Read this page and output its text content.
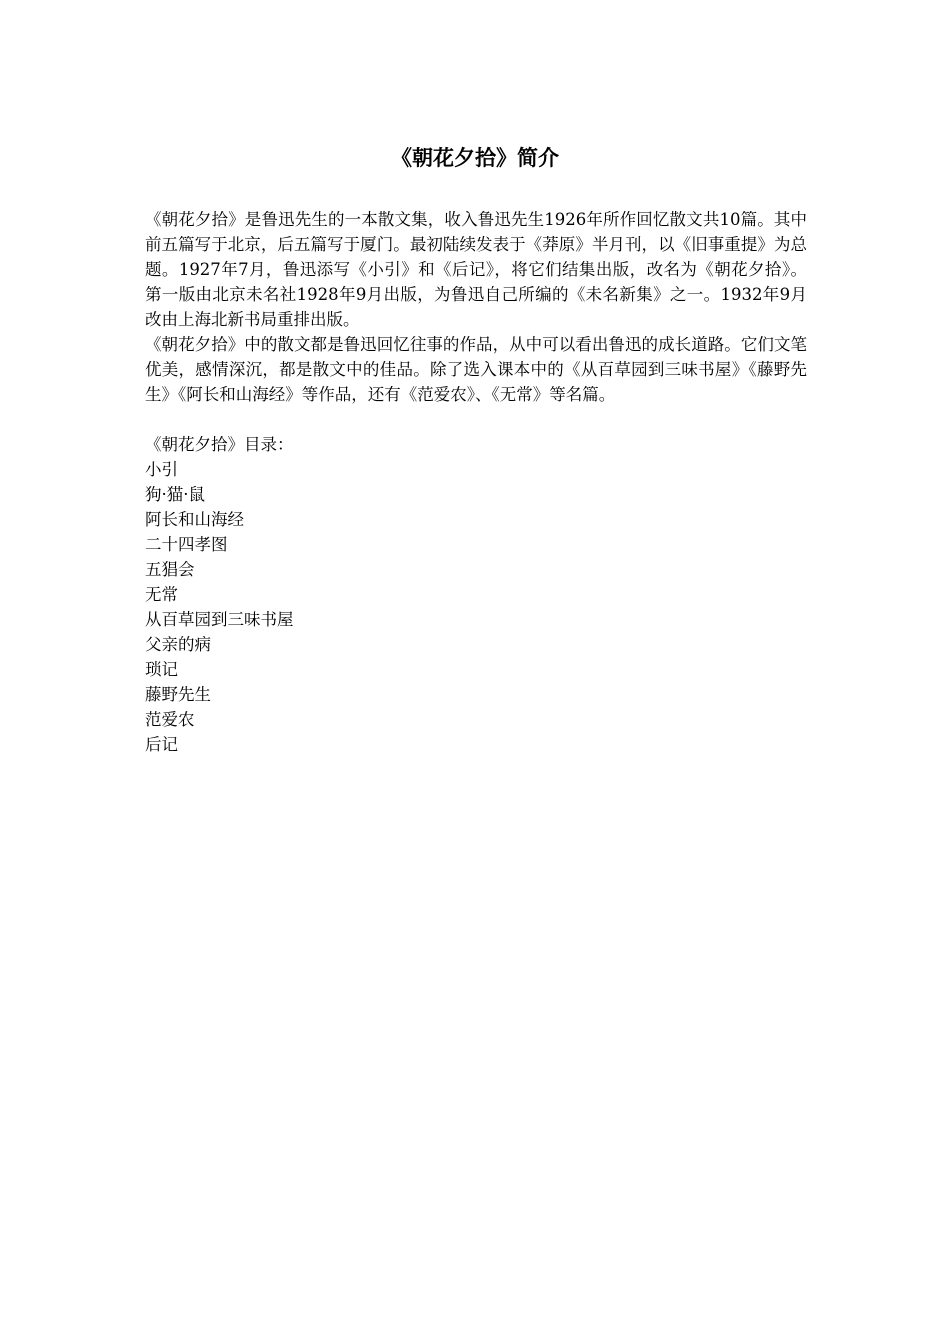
《朝花夕拾》简介

《朝花夕拾》是鲁迅先生的一本散文集，收入鲁迅先生1926年所作回忆散文共10篇。其中前五篇写于北京，后五篇写于厦门。最初陆续发表于《莽原》半月刊，以《旧事重提》为总题。1927年7月，鲁迅添写《小引》和《后记》，将它们结集出版，改名为《朝花夕拾》。第一版由北京未名社1928年9月出版，为鲁迅自己所编的《未名新集》之一。1932年9月改由上海北新书局重排出版。

《朝花夕拾》中的散文都是鲁迅回忆往事的作品，从中可以看出鲁迅的成长道路。它们文笔优美，感情深沉，都是散文中的佳品。除了选入课本中的《从百草园到三味书屋》《藤野先生》《阿长和山海经》等作品，还有《范爱农》、《无常》等名篇。

《朝花夕拾》目录：

小引
狗·猫·鼠
阿长和山海经
二十四孝图
五猖会
无常
从百草园到三味书屋
父亲的病
琐记
藤野先生
范爱农
后记
